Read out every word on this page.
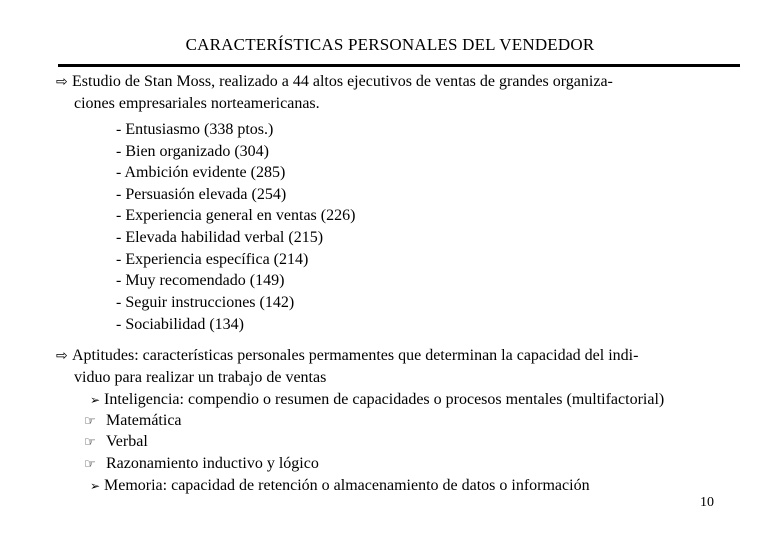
CARACTERÍSTICAS PERSONALES DEL VENDEDOR
⇨ Estudio de Stan Moss, realizado a 44 altos ejecutivos de ventas de grandes organiza-
ciones empresariales norteamericanas.
- Entusiasmo (338 ptos.)
- Bien organizado (304)
- Ambición evidente (285)
- Persuasión elevada (254)
- Experiencia general en ventas (226)
- Elevada habilidad verbal (215)
- Experiencia específica (214)
- Muy recomendado (149)
- Seguir instrucciones (142)
- Sociabilidad (134)
⇨ Aptitudes: características personales permamentes que determinan la capacidad del indi-
viduo para realizar un trabajo de ventas
➢ Inteligencia: compendio o resumen de capacidades o procesos mentales (multifactorial)
☞ Matemática
☞ Verbal
☞ Razonamiento inductivo y lógico
➢ Memoria: capacidad de retención o almacenamiento de datos o información
10
